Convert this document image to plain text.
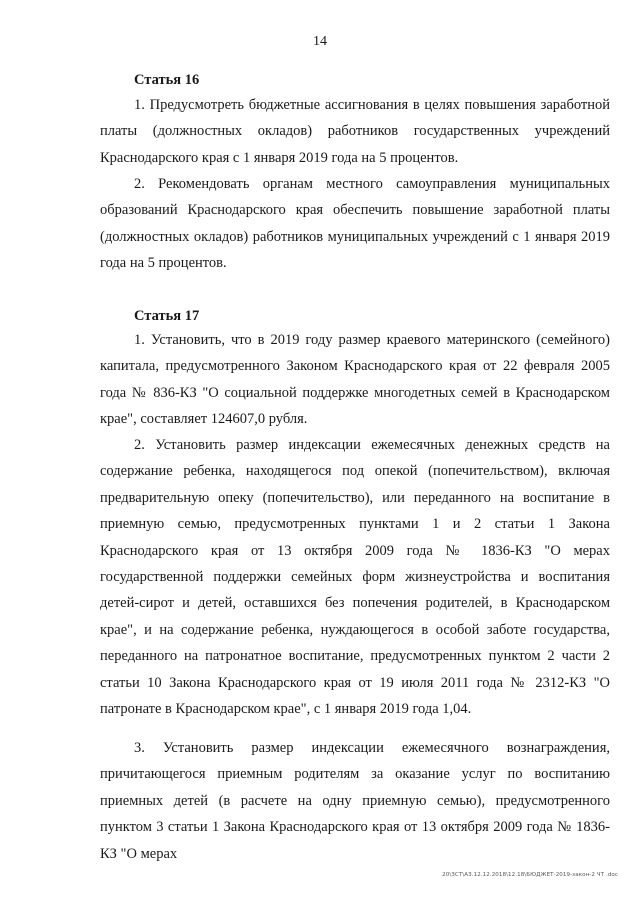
14
Статья 16

1. Предусмотреть бюджетные ассигнования в целях повышения заработной платы (должностных окладов) работников государственных учреждений Краснодарского края с 1 января 2019 года на 5 процентов.

2. Рекомендовать органам местного самоуправления муниципальных образований Краснодарского края обеспечить повышение заработной платы (должностных окладов) работников муниципальных учреждений с 1 января 2019 года на 5 процентов.

Статья 17

1. Установить, что в 2019 году размер краевого материнского (семейного) капитала, предусмотренного Законом Краснодарского края от 22 февраля 2005 года № 836-КЗ "О социальной поддержке многодетных семей в Краснодарском крае", составляет 124607,0 рубля.

2. Установить размер индексации ежемесячных денежных средств на содержание ребенка, находящегося под опекой (попечительством), включая предварительную опеку (попечительство), или переданного на воспитание в приемную семью, предусмотренных пунктами 1 и 2 статьи 1 Закона Краснодарского края от 13 октября 2009 года № 1836-КЗ "О мерах государственной поддержки семейных форм жизнеустройства и воспитания детей-сирот и детей, оставшихся без попечения родителей, в Краснодарском крае", и на содержание ребенка, нуждающегося в особой заботе государства, переданного на патронатное воспитание, предусмотренных пунктом 2 части 2 статьи 10 Закона Краснодарского края от 19 июля 2011 года № 2312-КЗ "О патронате в Краснодарском крае", с 1 января 2019 года 1,04.

3. Установить размер индексации ежемесячного вознаграждения, причитающегося приемным родителям за оказание услуг по воспитанию приемных детей (в расчете на одну приемную семью), предусмотренного пунктом 3 статьи 1 Закона Краснодарского края от 13 октября 2009 года № 1836-КЗ "О мерах

20\ЗСТ\АЗ.12.12.2018\12.18\БЮДЖЕТ-2019-закон-2 ЧТ .doc
